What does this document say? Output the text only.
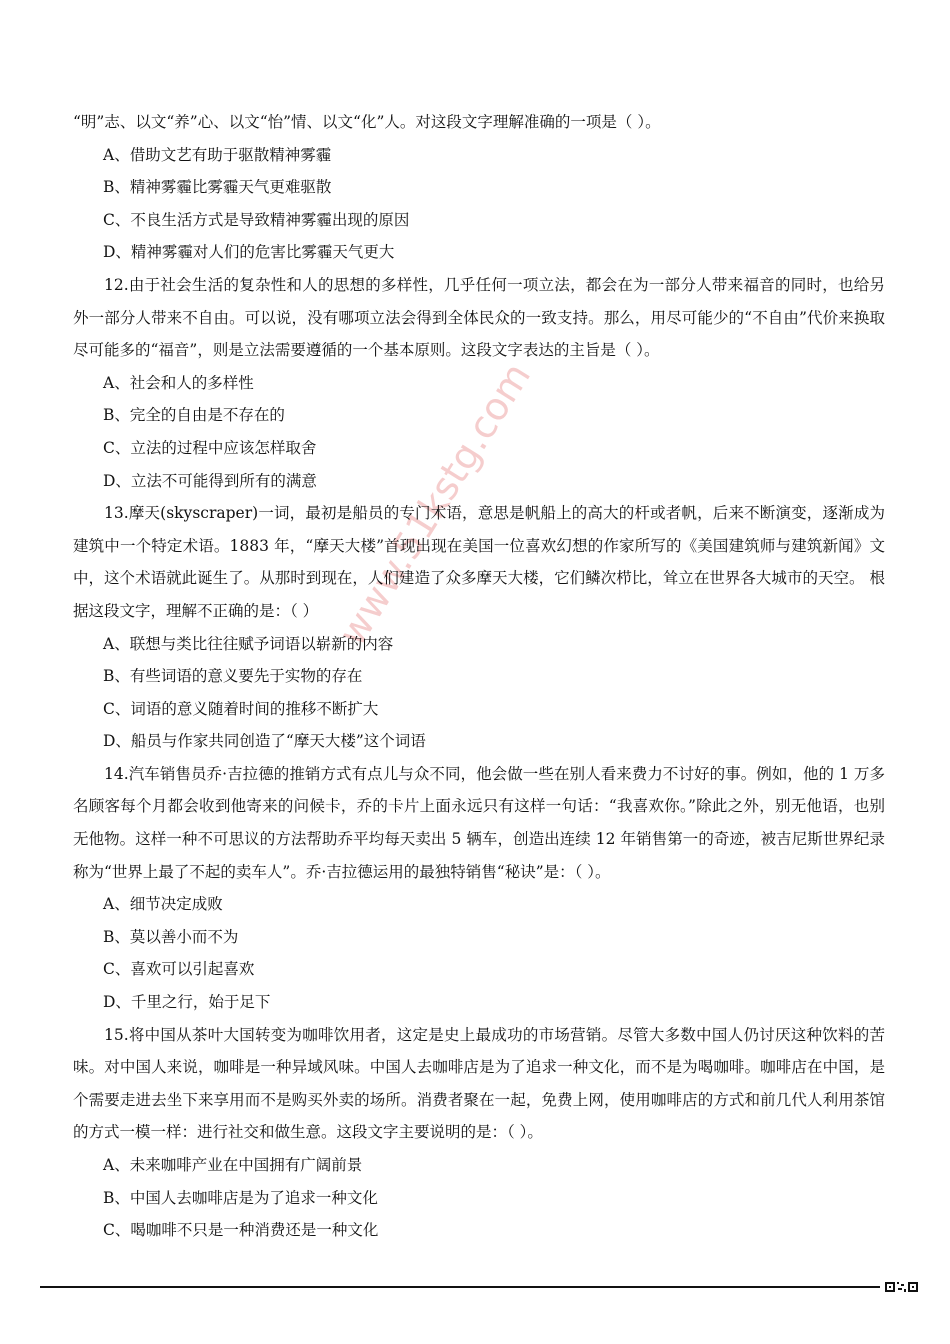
www.51kstg.com
“明”志、以文“养”心、以文“怡”情、以文“化”人。对这段文字理解准确的一项是（ ）。
A、借助文艺有助于驱散精神雾霾
B、精神雾霾比雾霾天气更难驱散
C、不良生活方式是导致精神雾霾出现的原因
D、精神雾霾对人们的危害比雾霾天气更大

12.由于社会生活的复杂性和人的思想的多样性，几乎任何一项立法，都会在为一部分人带来福音的同时，也给另外一部分人带来不自由。可以说，没有哪项立法会得到全体民众的一致支持。那么，用尽可能少的“不自由”代价来换取尽可能多的“福音”，则是立法需要遵循的一个基本原则。这段文字表达的主旨是（ ）。

A、社会和人的多样性
B、完全的自由是不存在的
C、立法的过程中应该怎样取舍
D、立法不可能得到所有的满意

13.摩天(skyscraper)一词，最初是船员的专门术语，意思是帆船上的高大的杆或者帆，后来不断演变，逐渐成为建筑中一个特定术语。1883 年，“摩天大楼”首现出现在美国一位喜欢幻想的作家所写的《美国建筑师与建筑新闻》文中，这个术语就此诞生了。从那时到现在，人们建造了众多摩天大楼，它们鳞次栉比，耸立在世界各大城市的天空。 根据这段文字，理解不正确的是：（ ）

A、联想与类比往往赋予词语以崭新的内容
B、有些词语的意义要先于实物的存在
C、词语的意义随着时间的推移不断扩大
D、船员与作家共同创造了“摩天大楼”这个词语

14.汽车销售员乔·吉拉德的推销方式有点儿与众不同，他会做一些在别人看来费力不讨好的事。例如，他的 1 万多名顾客每个月都会收到他寄来的问候卡，乔的卡片上面永远只有这样一句话：“我喜欢你。”除此之外，别无他语，也别无他物。这样一种不可思议的方法帮助乔平均每天卖出 5 辆车，创造出连续 12 年销售第一的奇迹，被吉尼斯世界纪录称为“世界上最了不起的卖车人”。乔·吉拉德运用的最独特销售“秘诀”是：（ ）。

A、细节决定成败
B、莫以善小而不为
C、喜欢可以引起喜欢
D、千里之行，始于足下

15.将中国从茶叶大国转变为咖啡饮用者，这定是史上最成功的市场营销。尽管大多数中国人仍讨厌这种饮料的苦味。对中国人来说，咖啡是一种异域风味。中国人去咖啡店是为了追求一种文化，而不是为喝咖啡。咖啡店在中国，是个需要走进去坐下来享用而不是购买外卖的场所。消费者聚在一起，免费上网，使用咖啡店的方式和前几代人利用茶馆的方式一模一样：进行社交和做生意。这段文字主要说明的是：（ ）。

A、未来咖啡产业在中国拥有广阔前景
B、中国人去咖啡店是为了追求一种文化
C、喝咖啡不只是一种消费还是一种文化
